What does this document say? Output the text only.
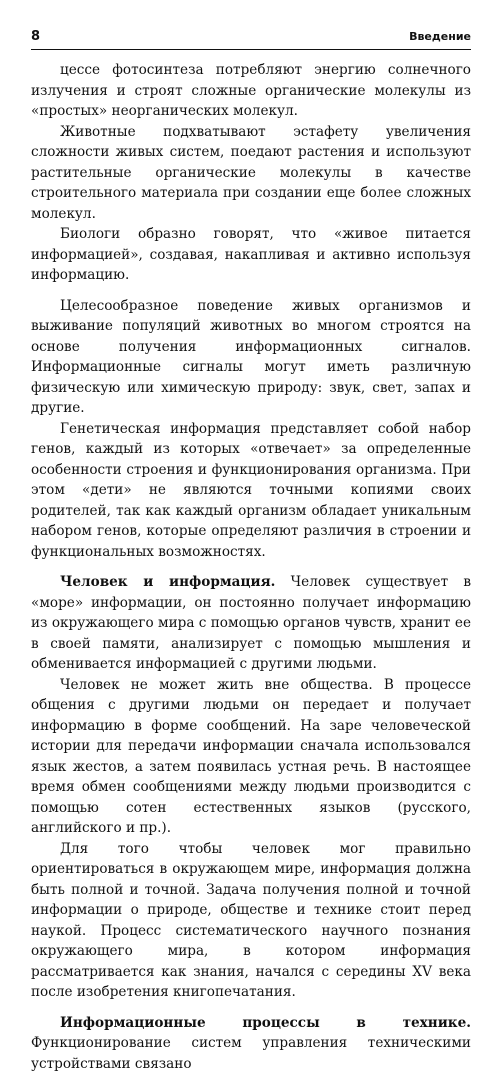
8	Введение

цессе фотосинтеза потребляют энергию солнечного излучения и строят сложные органические молекулы из «простых» неорганических молекул.

Животные подхватывают эстафету увеличения сложности живых систем, поедают растения и используют растительные органические молекулы в качестве строительного материала при создании еще более сложных молекул.

Биологи образно говорят, что «живое питается информацией», создавая, накапливая и активно используя информацию.

Целесообразное поведение живых организмов и выживание популяций животных во многом строятся на основе получения информационных сигналов. Информационные сигналы могут иметь различную физическую или химическую природу: звук, свет, запах и другие.

Генетическая информация представляет собой набор генов, каждый из которых «отвечает» за определенные особенности строения и функционирования организма. При этом «дети» не являются точными копиями своих родителей, так как каждый организм обладает уникальным набором генов, которые определяют различия в строении и функциональных возможностях.

Человек и информация. Человек существует в «море» информации, он постоянно получает информацию из окружающего мира с помощью органов чувств, хранит ее в своей памяти, анализирует с помощью мышления и обменивается информацией с другими людьми.

Человек не может жить вне общества. В процессе общения с другими людьми он передает и получает информацию в форме сообщений. На заре человеческой истории для передачи информации сначала использовался язык жестов, а затем появилась устная речь. В настоящее время обмен сообщениями между людьми производится с помощью сотен естественных языков (русского, английского и пр.).

Для того чтобы человек мог правильно ориентироваться в окружающем мире, информация должна быть полной и точной. Задача получения полной и точной информации о природе, обществе и технике стоит перед наукой. Процесс систематического научного познания окружающего мира, в котором информация рассматривается как знания, начался с середины XV века после изобретения книгопечатания.

Информационные процессы в технике. Функционирование систем управления техническими устройствами связано
